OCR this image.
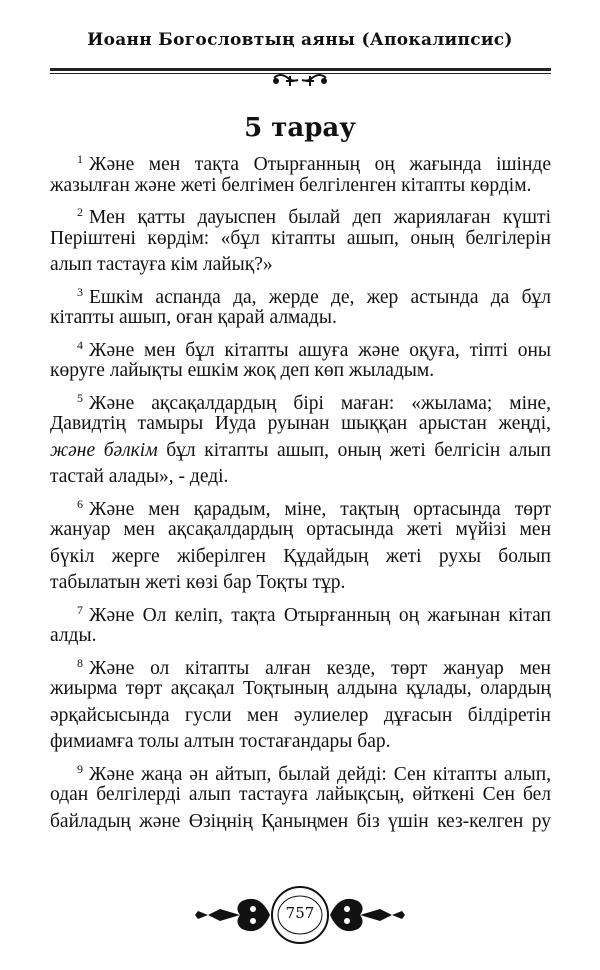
Иоанн Богословтың аяны (Апокалипсис)
5 тарау
$^1$ Және мен тақта Отырғанның оң жағында ішінде
жазылған және жеті белгімен белгіленген кітапты көрдім.
$^2$ Мен қатты дауыспен былай деп жариялаған күшті
Періштені көрдім: «бұл кітапты ашып, оның белгілерін
алып тастауға кім лайық?»
$^3$ Ешкім аспанда да, жерде де, жер астында да бұл
кітапты ашып, оған қарай алмады.
$^4$ Және мен бұл кітапты ашуға және оқуға, тіпті оны
көруге лайықты ешкім жоқ деп көп жыладым.
$^5$ Және ақсақалдардың бірі маған: «жылама; міне,
Давидтің тамыры Иуда руынан шыққан арыстан жеңді,
және бәлкім бұл кітапты ашып, оның жеті белгісін алып
тастай алады», - деді.
$^6$ Және мен қарадым, міне, тақтың ортасында төрт
жануар мен ақсақалдардың ортасында жеті мүйізі мен
бүкіл жерге жіберілген Құдайдың жеті рухы болып
табылатын жеті көзі бар Тоқты тұр.
$^7$ Және Ол келіп, тақта Отырғанның оң жағынан кітап
алды.
$^8$ Және ол кітапты алған кезде, төрт жануар мен
жиырма төрт ақсақал Тоқтының алдына құлады, олардың
әрқайсысында гусли мен әулиелер дұғасын білдіретін
фимиамға толы алтын тостағандары бар.
$^9$ Және жаңа ән айтып, былай дейді: Сен кітапты алып,
одан белгілерді алып тастауға лайықсың, өйткені Сен бел
байладың және Өзіңнің Қаныңмен біз үшін кез-келген ру
757
